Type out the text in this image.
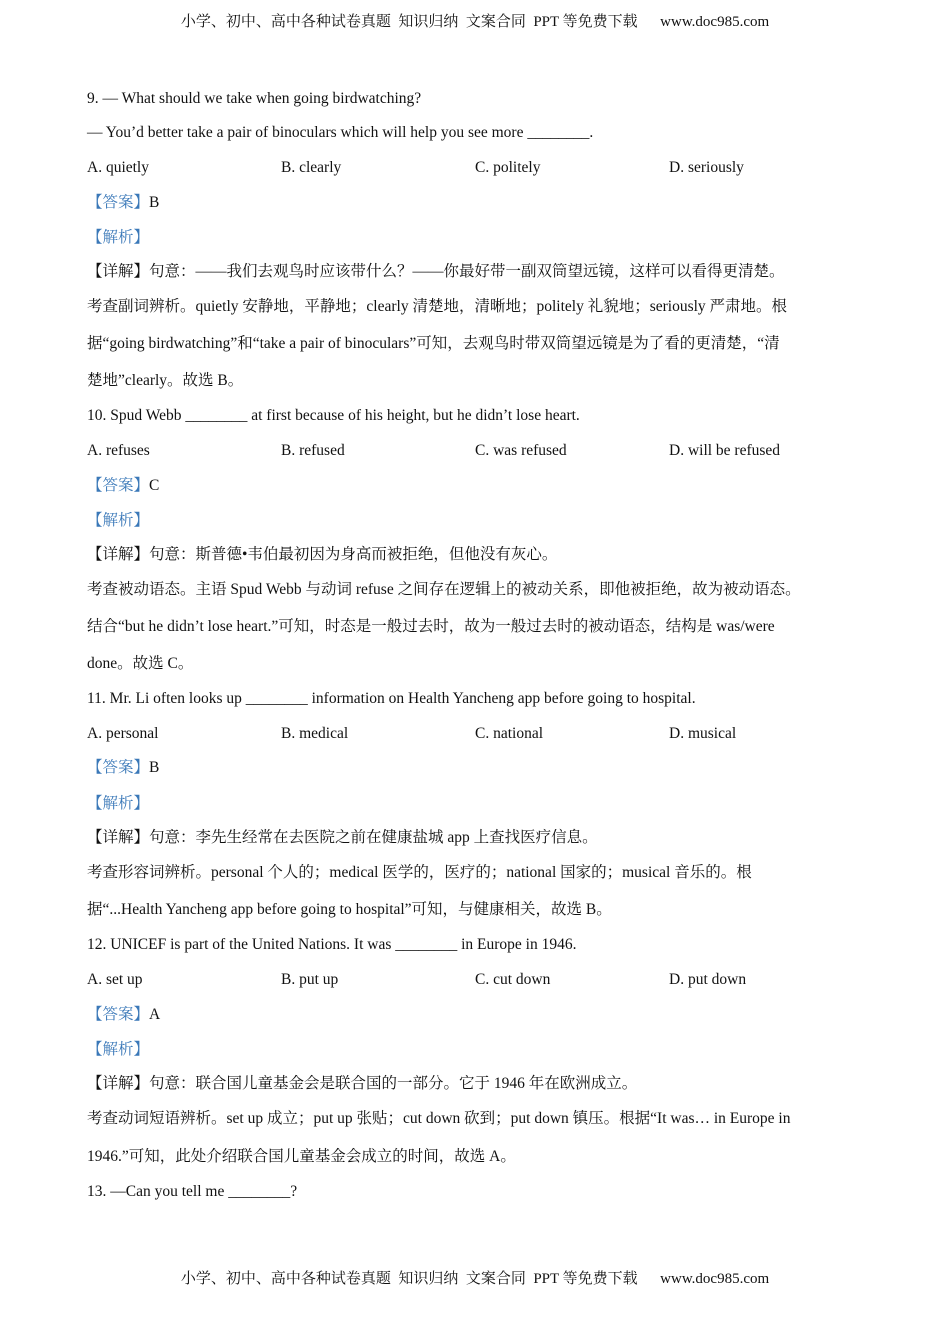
小学、初中、高中各种试卷真题  知识归纳  文案合同  PPT 等免费下载      www.doc985.com
9. — What should we take when going birdwatching?
— You’d better take a pair of binoculars which will help you see more ________.
A. quietly	B. clearly	C. politely	D. seriously
【答案】B
【解析】
【详解】句意：——我们去观鸟时应该带什么？——你最好带一副双筒望远镜，这样可以看得更清楚。
考查副词辨析。quietly 安静地，平静地；clearly 清楚地，清晰地；politely 礼貌地；seriously 严肃地。根
据“going birdwatching”和“take a pair of binoculars”可知，去观鸟时带双筒望远镜是为了看的更清楚，“清
楚地”clearly。故选 B。
10. Spud Webb ________ at first because of his height, but he didn’t lose heart.
A. refuses	B. refused	C. was refused	D. will be refused
【答案】C
【解析】
【详解】句意：斯普德•韦伯最初因为身高而被拒绝，但他没有灰心。
考查被动语态。主语 Spud Webb 与动词 refuse 之间存在逻辑上的被动关系，即他被拒绝，故为被动语态。
结合“but he didn’t lose heart.”可知，时态是一般过去时，故为一般过去时的被动语态，结构是 was/were
done。故选 C。
11. Mr. Li often looks up ________ information on Health Yancheng app before going to hospital.
A. personal	B. medical	C. national	D. musical
【答案】B
【解析】
【详解】句意：李先生经常在去医院之前在健康盐城 app 上查找医疗信息。
考查形容词辨析。personal 个人的；medical 医学的，医疗的；national 国家的；musical 音乐的。根
据“...Health Yancheng app before going to hospital”可知，与健康相关，故选 B。
12. UNICEF is part of the United Nations. It was ________ in Europe in 1946.
A. set up	B. put up	C. cut down	D. put down
【答案】A
【解析】
【详解】句意：联合国儿童基金会是联合国的一部分。它于 1946 年在欧洲成立。
考查动词短语辨析。set up 成立；put up 张贴；cut down 砍到；put down 镇压。根据“It was… in Europe in
1946.”可知，此处介绍联合国儿童基金会成立的时间，故选 A。
13. —Can you tell me ________?
小学、初中、高中各种试卷真题  知识归纳  文案合同  PPT 等免费下载      www.doc985.com
